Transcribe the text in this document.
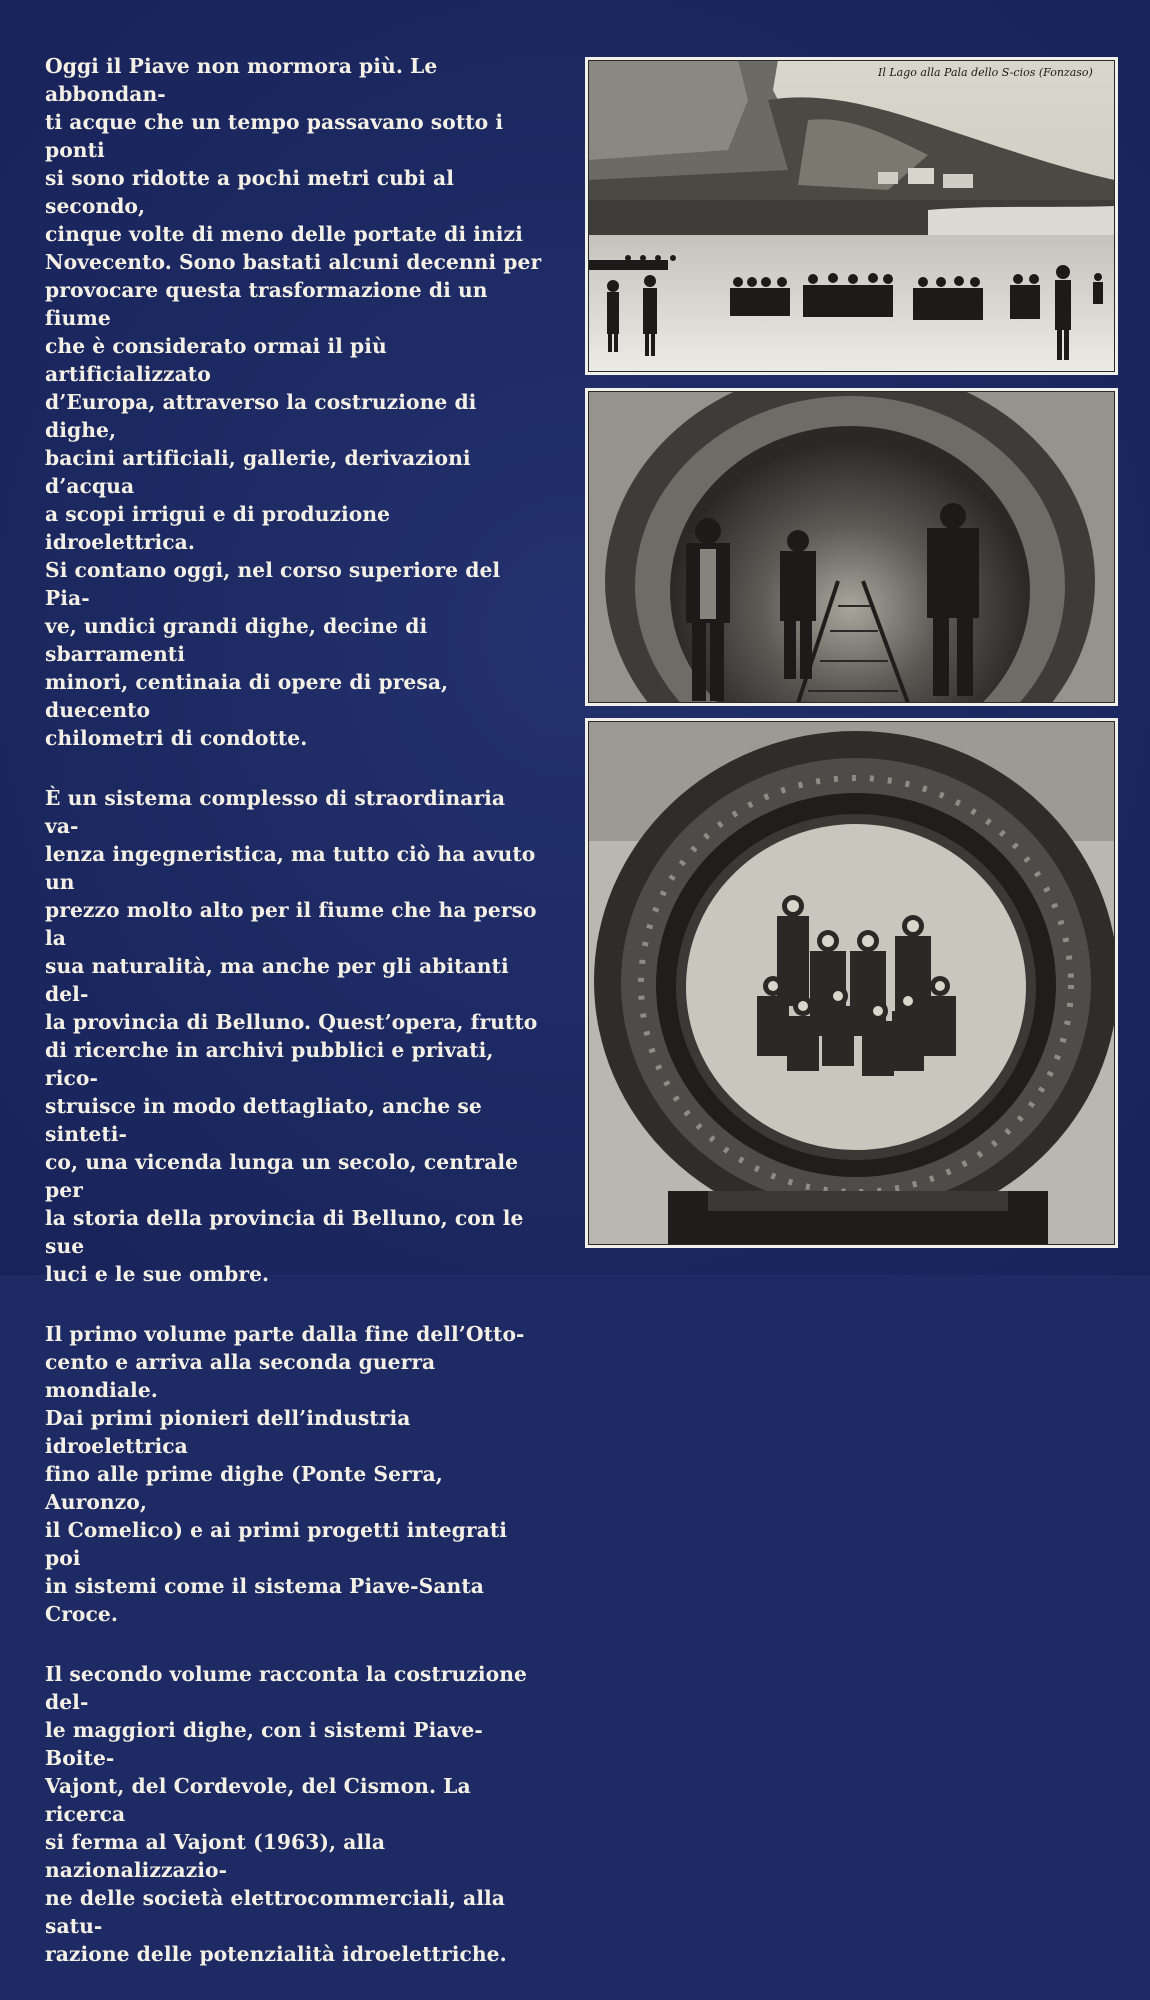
Oggi il Piave non mormora più. Le abbondan-
ti acque che un tempo passavano sotto i ponti
si sono ridotte a pochi metri cubi al secondo,
cinque volte di meno delle portate di inizi
Novecento. Sono bastati alcuni decenni per
provocare questa trasformazione di un fiume
che è considerato ormai il più artificializzato
d’Europa, attraverso la costruzione di dighe,
bacini artificiali, gallerie, derivazioni d’acqua
a scopi irrigui e di produzione idroelettrica.
Si contano oggi, nel corso superiore del Pia-
ve, undici grandi dighe, decine di sbarramenti
minori, centinaia di opere di presa, duecento
chilometri di condotte.

È un sistema complesso di straordinaria va-
lenza ingegneristica, ma tutto ciò ha avuto un
prezzo molto alto per il fiume che ha perso la
sua naturalità, ma anche per gli abitanti del-
la provincia di Belluno. Quest’opera, frutto
di ricerche in archivi pubblici e privati, rico-
struisce in modo dettagliato, anche se sinteti-
co, una vicenda lunga un secolo, centrale per
la storia della provincia di Belluno, con le sue
luci e le sue ombre.

Il primo volume parte dalla fine dell’Otto-
cento e arriva alla seconda guerra mondiale.
Dai primi pionieri dell’industria idroelettrica
fino alle prime dighe (Ponte Serra, Auronzo,
il Comelico) e ai primi progetti integrati poi
in sistemi come il sistema Piave-Santa Croce.

Il secondo volume racconta la costruzione del-
le maggiori dighe, con i sistemi Piave-Boite-
Vajont, del Cordevole, del Cismon. La ricerca
si ferma al Vajont (1963), alla nazionalizzazio-
ne delle società elettrocommerciali, alla satu-
razione delle potenzialità idroelettriche.

Il Lago alla Pala dello S-cios (Fonzaso)
